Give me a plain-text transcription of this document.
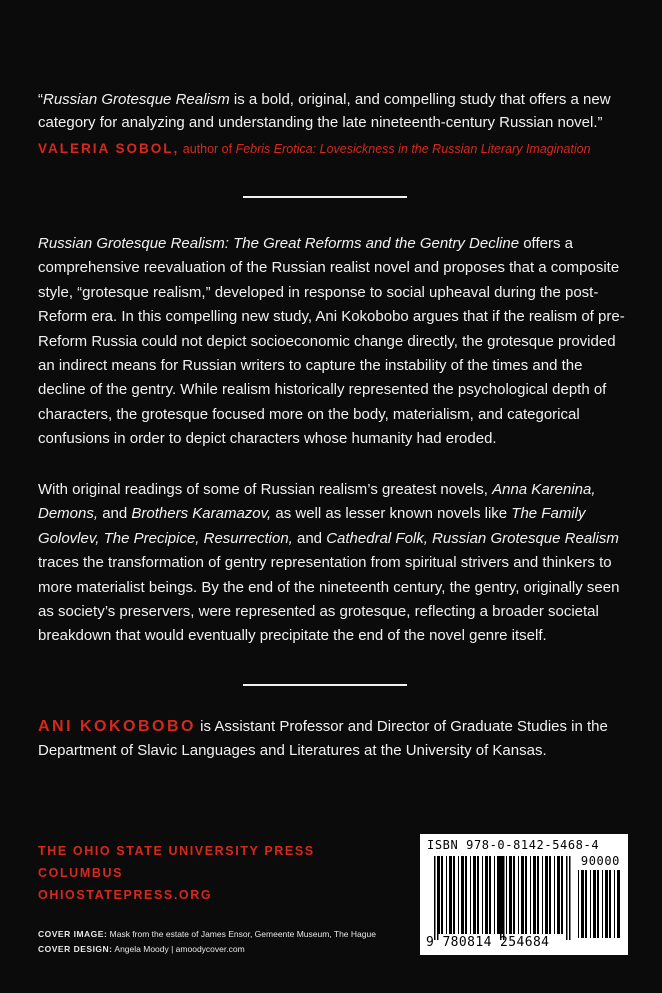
“Russian Grotesque Realism is a bold, original, and compelling study that offers a new category for analyzing and understanding the late nineteenth-century Russian novel.”
VALERIA SOBOL, author of Febris Erotica: Lovesickness in the Russian Literary Imagination
Russian Grotesque Realism: The Great Reforms and the Gentry Decline offers a comprehensive reevaluation of the Russian realist novel and proposes that a composite style, “grotesque realism,” developed in response to social upheaval during the post-Reform era. In this compelling new study, Ani Kokobobo argues that if the realism of pre-Reform Russia could not depict socioeconomic change directly, the grotesque provided an indirect means for Russian writers to capture the instability of the times and the decline of the gentry. While realism historically represented the psychological depth of characters, the grotesque focused more on the body, materialism, and categorical confusions in order to depict characters whose humanity had eroded.
With original readings of some of Russian realism’s greatest novels, Anna Karenina, Demons, and Brothers Karamazov, as well as lesser known novels like The Family Golovlev, The Precipice, Resurrection, and Cathedral Folk, Russian Grotesque Realism traces the transformation of gentry representation from spiritual strivers and thinkers to more materialist beings. By the end of the nineteenth century, the gentry, originally seen as society’s preservers, were represented as grotesque, reflecting a broader societal breakdown that would eventually precipitate the end of the novel genre itself.
ANI KOKOBOBO is Assistant Professor and Director of Graduate Studies in the Department of Slavic Languages and Literatures at the University of Kansas.
THE OHIO STATE UNIVERSITY PRESS
COLUMBUS
OHIOSTATEPRESS.ORG
COVER IMAGE: Mask from the estate of James Ensor, Gemeente Museum, The Hague
COVER DESIGN: Angela Moody | amoodycover.com
ISBN 978-0-8142-5468-4
90000
9 780814 254684
